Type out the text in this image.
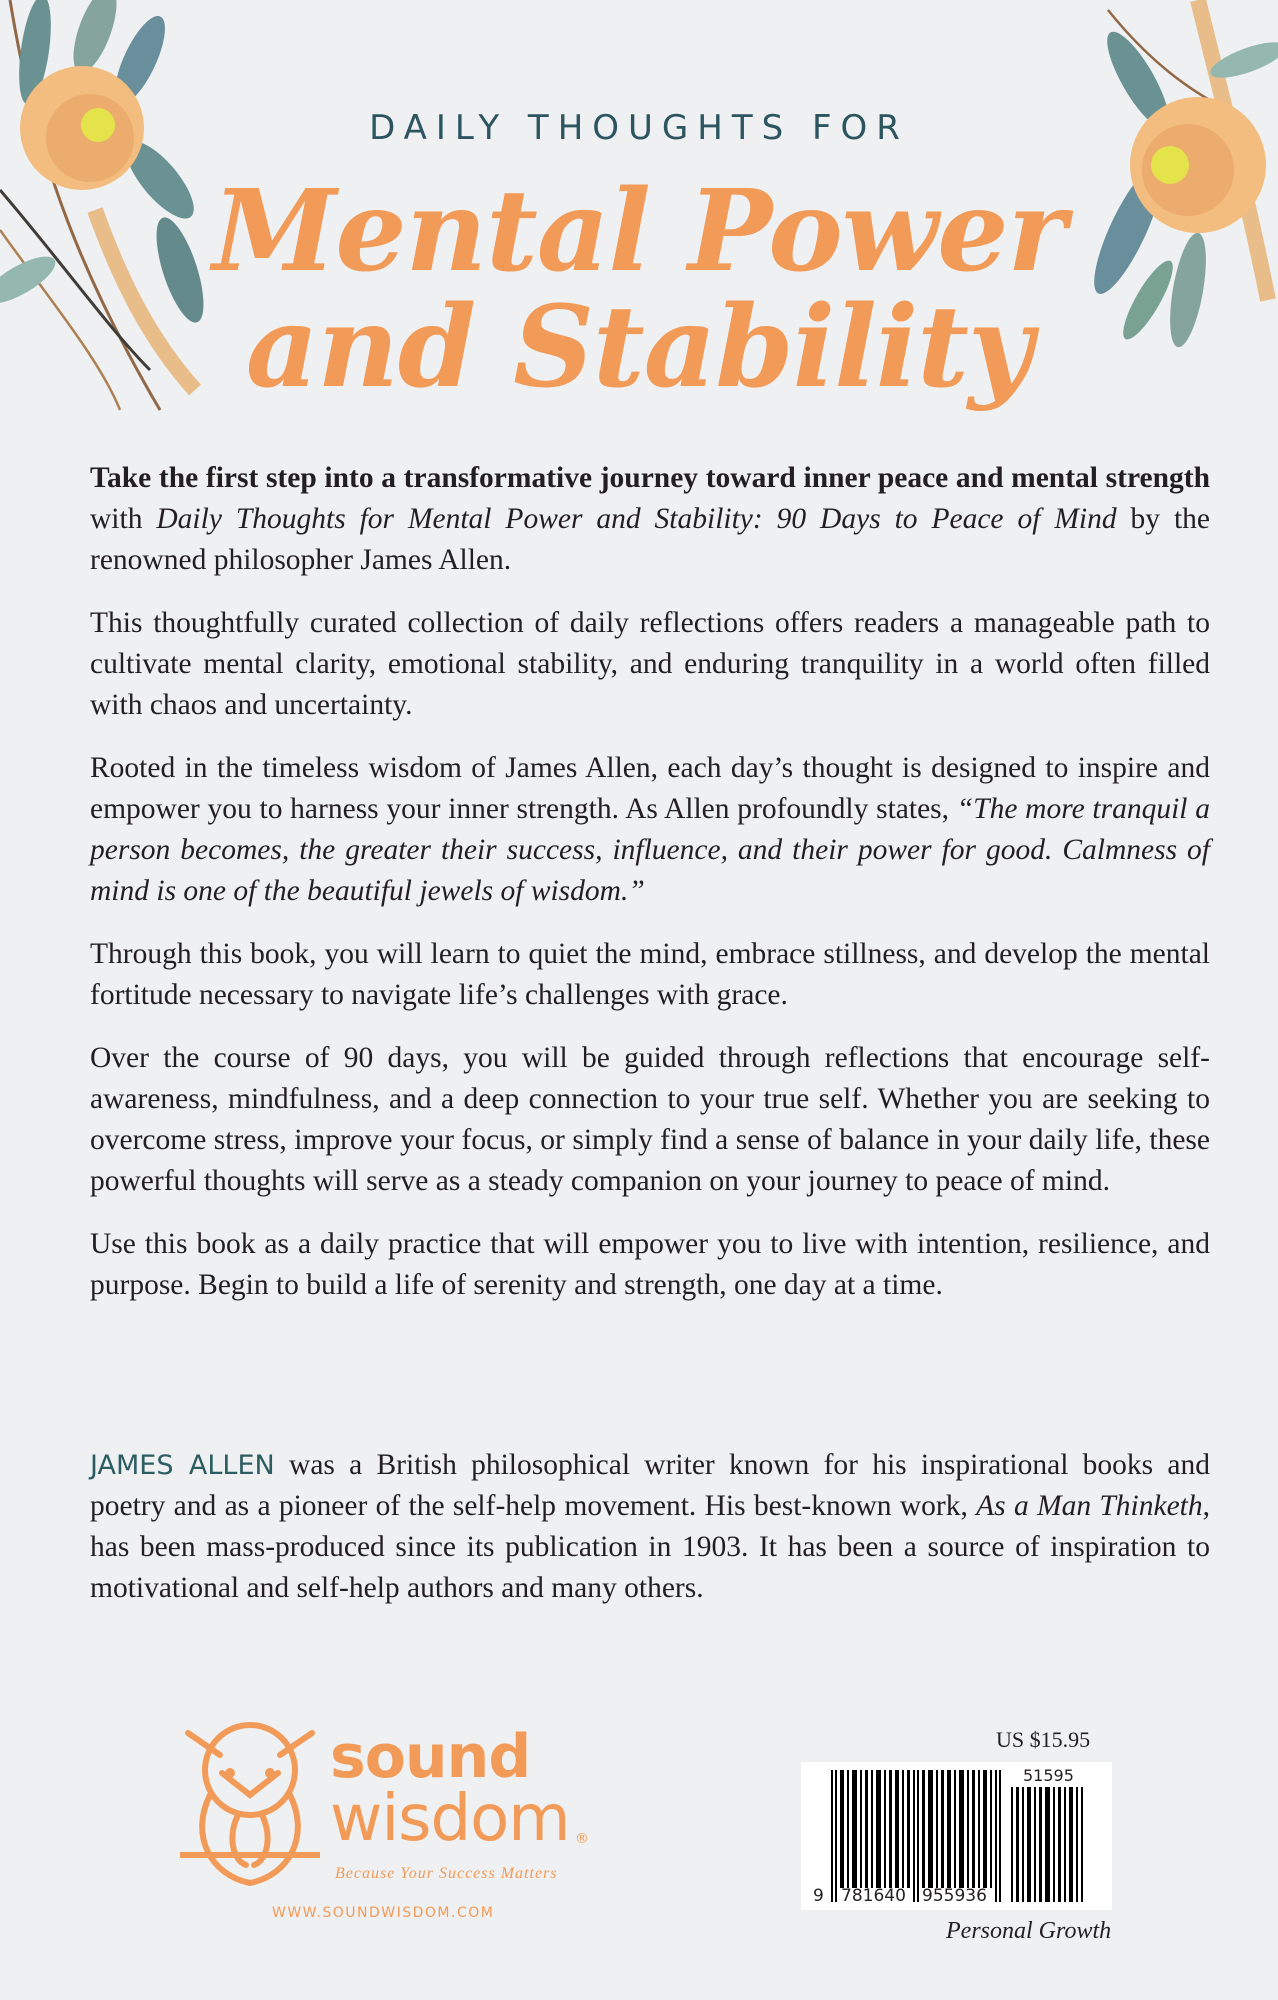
DAILY THOUGHTS FOR
Mental Power
and Stability

Take the first step into a transformative journey toward inner peace and mental strength with Daily Thoughts for Mental Power and Stability: 90 Days to Peace of Mind by the renowned philosopher James Allen.

This thoughtfully curated collection of daily reflections offers readers a manageable path to cultivate mental clarity, emotional stability, and enduring tranquility in a world often filled with chaos and uncertainty.

Rooted in the timeless wisdom of James Allen, each day’s thought is designed to inspire and empower you to harness your inner strength. As Allen profoundly states, “The more tranquil a person becomes, the greater their success, influence, and their power for good. Calmness of mind is one of the beautiful jewels of wisdom.”

Through this book, you will learn to quiet the mind, embrace stillness, and develop the mental fortitude necessary to navigate life’s challenges with grace.

Over the course of 90 days, you will be guided through reflections that encourage self-awareness, mindfulness, and a deep connection to your true self. Whether you are seeking to overcome stress, improve your focus, or simply find a sense of balance in your daily life, these powerful thoughts will serve as a steady companion on your journey to peace of mind.

Use this book as a daily practice that will empower you to live with intention, resilience, and purpose. Begin to build a life of serenity and strength, one day at a time.

JAMES ALLEN was a British philosophical writer known for his inspirational books and poetry and as a pioneer of the self-help movement. His best-known work, As a Man Thinketh, has been mass-produced since its publication in 1903. It has been a source of inspiration to motivational and self-help authors and many others.

sound
wisdom ®
Because Your Success Matters
WWW.SOUNDWISDOM.COM
US $15.95
9 781640 955936
51595
Personal Growth
